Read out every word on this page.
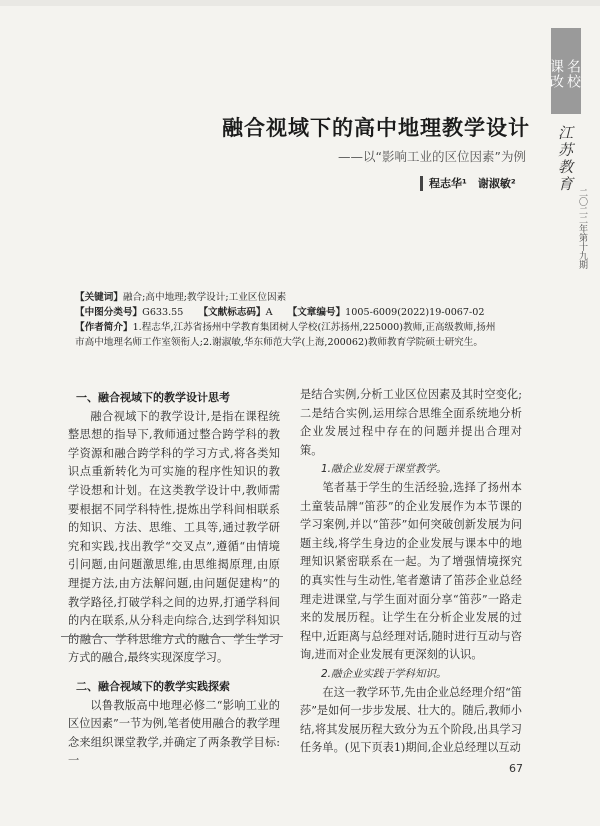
名校
课改
江苏教育
二〇二二年第十九期
融合视域下的高中地理教学设计
——以“影响工业的区位因素”为例
程志华¹　谢淑敏²
【关键词】融合;高中地理;教学设计;工业区位因素
【中图分类号】G633.55 【文献标志码】A 【文章编号】1005-6009(2022)19-0067-02
【作者简介】1.程志华,江苏省扬州中学教育集团树人学校(江苏扬州,225000)教师,正高级教师,扬州
市高中地理名师工作室领衔人;2.谢淑敏,华东师范大学(上海,200062)教师教育学院硕士研究生。

一、融合视域下的教学设计思考

融合视域下的教学设计,是指在课程统整思想的指导下,教师通过整合跨学科的教学资源和融合跨学科的学习方式,将各类知识点重新转化为可实施的程序性知识的教学设想和计划。在这类教学设计中,教师需要根据不同学科特性,提炼出学科间相联系的知识、方法、思维、工具等,通过教学研究和实践,找出教学“交叉点”,遵循“由情境引问题,由问题激思维,由思维揭原理,由原理提方法,由方法解问题,由问题促建构”的教学路径,打破学科之间的边界,打通学科间的内在联系,从分科走向综合,达到学科知识的融合、学科思维方式的融合、学生学习方式的融合,最终实现深度学习。

二、融合视域下的教学实践探索

以鲁教版高中地理必修二“影响工业的区位因素”一节为例,笔者使用融合的教学理念来组织课堂教学,并确定了两条教学目标:一

是结合实例,分析工业区位因素及其时空变化;二是结合实例,运用综合思维全面系统地分析企业发展过程中存在的问题并提出合理对策。

1.融企业发展于课堂教学。

笔者基于学生的生活经验,选择了扬州本土童装品牌“笛莎”的企业发展作为本节课的学习案例,并以“笛莎”如何突破创新发展为问题主线,将学生身边的企业发展与课本中的地理知识紧密联系在一起。为了增强情境探究的真实性与生动性,笔者邀请了笛莎企业总经理走进课堂,与学生面对面分享“笛莎”一路走来的发展历程。让学生在分析企业发展的过程中,近距离与总经理对话,随时进行互动与咨询,进而对企业发展有更深刻的认识。

2.融企业实践于学科知识。

在这一教学环节,先由企业总经理介绍“笛莎”是如何一步步发展、壮大的。随后,教师小结,将其发展历程大致分为五个阶段,出具学习任务单。(见下页表1)期间,企业总经理以互动

67
